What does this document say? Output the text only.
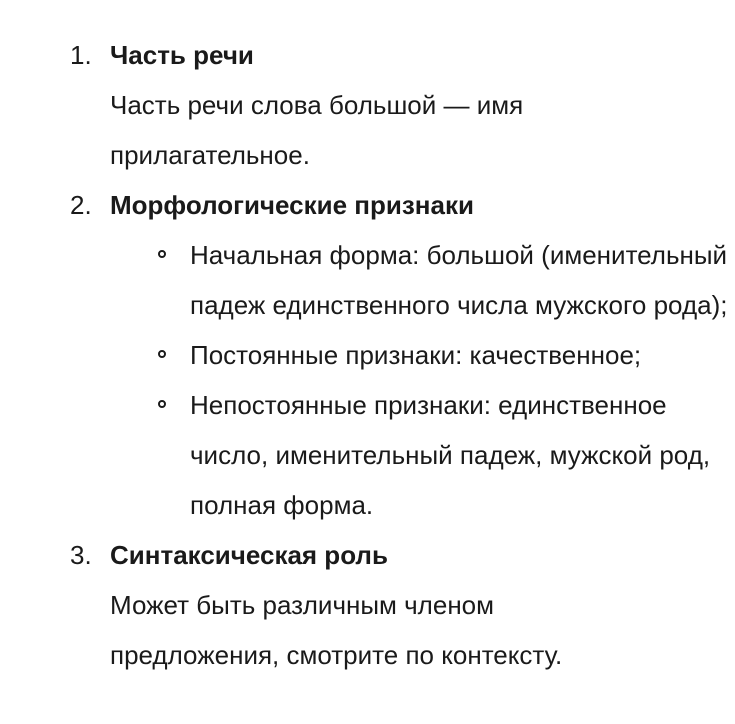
1. Часть речи
Часть речи слова большой — имя прилагательное.
2. Морфологические признаки
Начальная форма: большой (именительный падеж единственного числа мужского рода);
Постоянные признаки: качественное;
Непостоянные признаки: единственное число, именительный падеж, мужской род, полная форма.
3. Синтаксическая роль
Может быть различным членом предложения, смотрите по контексту.
